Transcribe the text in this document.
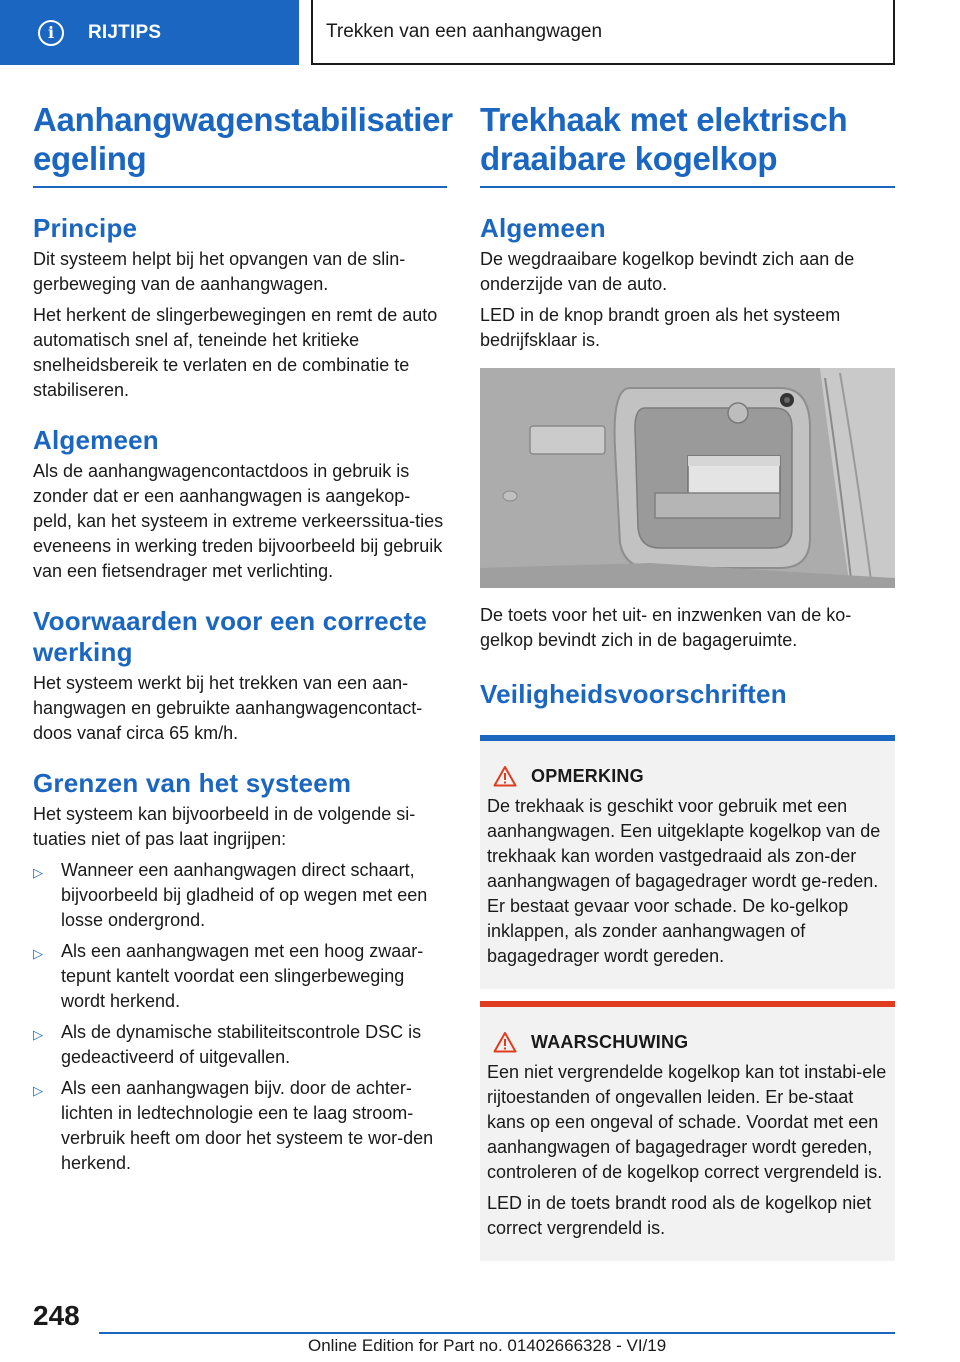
i RIJTIPS	Trekken van een aanhangwagen
Aanhangwagenstabilisatier
egeling
Principe

Dit systeem helpt bij het opvangen van de slin-gerbeweging van de aanhangwagen.

Het herkent de slingerbewegingen en remt de auto automatisch snel af, teneinde het kritieke snelheidsbereik te verlaten en de combinatie te stabiliseren.

Algemeen

Als de aanhangwagencontactdoos in gebruik is zonder dat er een aanhangwagen is aangekop-peld, kan het systeem in extreme verkeerssitua-ties eveneens in werking treden bijvoorbeeld bij gebruik van een fietsendrager met verlichting.

Voorwaarden voor een correcte werking

Het systeem werkt bij het trekken van een aan-hangwagen en gebruikte aanhangwagencontact-doos vanaf circa 65 km/h.

Grenzen van het systeem

Het systeem kan bijvoorbeeld in de volgende si-tuaties niet of pas laat ingrijpen:

▷ Wanneer een aanhangwagen direct schaart, bijvoorbeeld bij gladheid of op wegen met een losse ondergrond.
▷ Als een aanhangwagen met een hoog zwaar-tepunt kantelt voordat een slingerbeweging wordt herkend.
▷ Als de dynamische stabiliteitscontrole DSC is gedeactiveerd of uitgevallen.
▷ Als een aanhangwagen bijv. door de achter-lichten in ledtechnologie een te laag stroom-verbruik heeft om door het systeem te wor-den herkend.
Trekhaak met elektrisch draaibare kogelkop
Algemeen

De wegdraaibare kogelkop bevindt zich aan de onderzijde van de auto.

LED in de knop brandt groen als het systeem bedrijfsklaar is.

De toets voor het uit- en inzwenken van de ko-gelkop bevindt zich in de bagageruimte.

Veiligheidsvoorschriften
OPMERKING

De trekhaak is geschikt voor gebruik met een aanhangwagen. Een uitgeklapte kogelkop van de trekhaak kan worden vastgedraaid als zon-der aanhangwagen of bagagedrager wordt ge-reden. Er bestaat gevaar voor schade. De ko-gelkop inklappen, als zonder aanhangwagen of bagagedrager wordt gereden.

WAARSCHUWING

Een niet vergrendelde kogelkop kan tot instabi-ele rijtoestanden of ongevallen leiden. Er be-staat kans op een ongeval of schade. Voordat met een aanhangwagen of bagagedrager wordt gereden, controleren of de kogelkop correct vergrendeld is.

LED in de toets brandt rood als de kogelkop niet correct vergrendeld is.

248
Online Edition for Part no. 01402666328 - VI/19
